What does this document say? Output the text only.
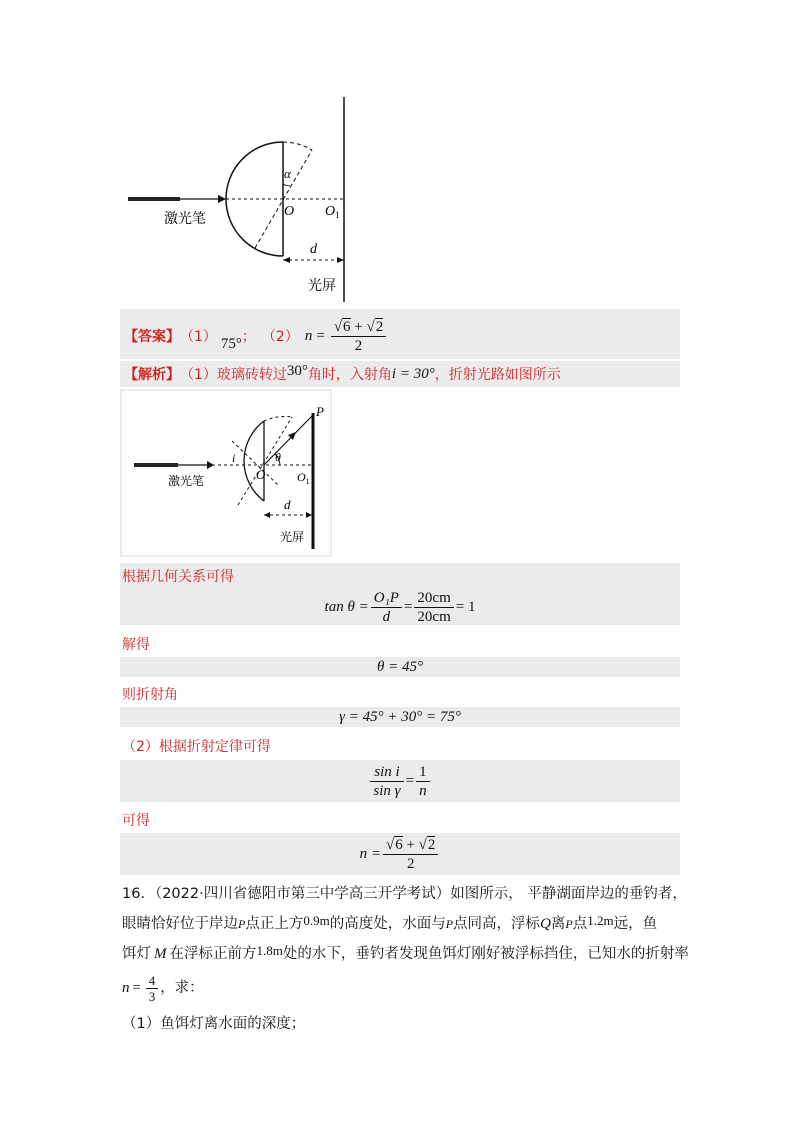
α
O $O_1$
激光笔
d
光屏
【答案】 （1） 75° ； （2） $n = \frac{√6 + √2}{2}$
【解析】 （1）玻璃砖转过 30° 角时，入射角 i = 30° ，折射光路如图所示
P
i	θ
O	$O_1$
激光笔
d
光屏
根据几何关系可得
$\tan \theta = \frac{\text{O₁P}}{d} = \frac{20cm}{20cm} = 1$
解得
θ = 45°
则折射角
γ = 45° + 30° = 75°
（2）根据折射定律可得
$\frac{\text{sin i}}{\text{sin γ}} = \frac{1}{n}$
可得
$n = \frac{√6 + √2}{2}$
16．（2022·四川省德阳市第三中学高三开学考试）如图所示， 平静湖面岸边的垂钓者，
眼睛恰好位于岸边P点正上方0.9m的高度处，水面与P点同高，浮标Q离P点1.2m远，鱼
饵灯 M 在浮标正前方1.8m处的水下，垂钓者发现鱼饵灯刚好被浮标挡住，已知水的折射率
$n = \frac{4}{3}$ ，求：
（1）鱼饵灯离水面的深度；
